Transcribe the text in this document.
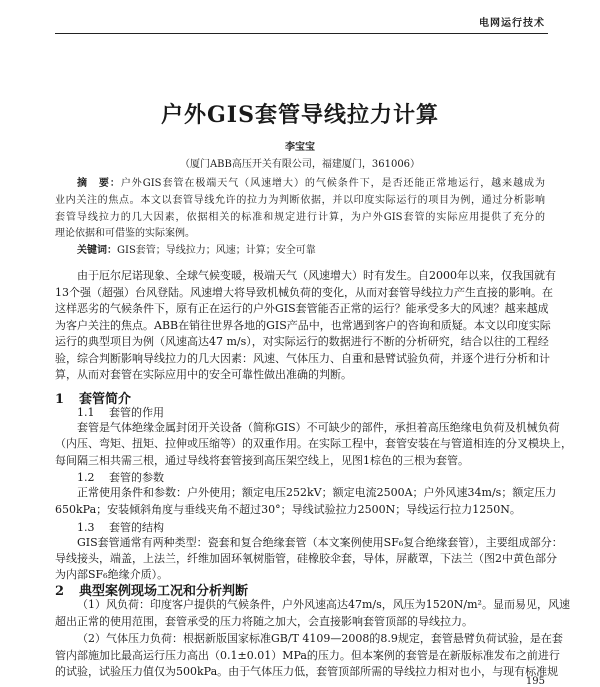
电网运行技术
户外GIS套管导线拉力计算
李宝宝
（厦门ABB高压开关有限公司，福建厦门，361006）
摘　要：户外GIS套管在极端天气（风速增大）的气候条件下，是否还能正常地运行，越来越成为
业内关注的焦点。本文以套管导线允许的拉力为判断依据，并以印度实际运行的项目为例，通过分析影响
套管导线拉力的几大因素，依据相关的标准和规定进行计算，为户外GIS套管的实际应用提供了充分的
理论依据和可借鉴的实际案例。
关键词：GIS套管；导线拉力；风速；计算；安全可靠
由于厄尔尼诺现象、全球气候变暖，极端天气（风速增大）时有发生。自2000年以来，仅我国就有
13个强（超强）台风登陆。风速增大将导致机械负荷的变化，从而对套管导线拉力产生直接的影响。在
这样恶劣的气候条件下，原有正在运行的户外GIS套管能否正常的运行？能承受多大的风速？越来越成
为客户关注的焦点。ABB在销往世界各地的GIS产品中，也常遇到客户的咨询和质疑。本文以印度实际
运行的典型项目为例（风速高达47 m/s），对实际运行的数据进行不断的分析研究，结合以往的工程经
验，综合判断影响导线拉力的几大因素：风速、气体压力、自重和悬臂试验负荷，并逐个进行分析和计
算，从而对套管在实际应用中的安全可靠性做出准确的判断。
1 套管简介
1.1 套管的作用
套管是气体绝缘金属封闭开关设备（简称GIS）不可缺少的部件，承担着高压绝缘电负荷及机械负荷
（内压、弯矩、扭矩、拉伸或压缩等）的双重作用。在实际工程中，套管安装在与管道相连的分叉模块上，
每间隔三相共需三根，通过导线将套管接到高压架空线上，见图1棕色的三根为套管。
1.2 套管的参数
正常使用条件和参数：户外使用；额定电压252kV；额定电流2500A；户外风速34m/s；额定压力
650kPa；安装倾斜角度与垂线夹角不超过30°；导线试验拉力2500N；导线运行拉力1250N。
1.3 套管的结构
GIS套管通常有两种类型：瓷套和复合绝缘套管（本文案例使用SF₆复合绝缘套管），主要组成部分：
导线接头，端盖，上法兰，纤维加固环氧树脂管，硅橡胶伞套，导体，屏蔽罩，下法兰（图2中黄色部分
为内部SF₆绝缘介质）。
2 典型案例现场工况和分析判断
（1）风负荷：印度客户提供的气候条件，户外风速高达47m/s，风压为1520N/m²。显而易见，风速
超出正常的使用范围，套管承受的压力将随之加大，会直接影响套管顶部的导线拉力。
（2）气体压力负荷：根据新版国家标准GB/T 4109—2008的8.9规定，套管悬臂负荷试验，是在套
管内部施加比最高运行压力高出（0.1±0.01）MPa的压力。但本案例的套管是在新版标准发布之前进行
的试验，试验压力值仅为500kPa。由于气体压力低，套管顶部所需的导线拉力相对也小，与现有标准规
195
